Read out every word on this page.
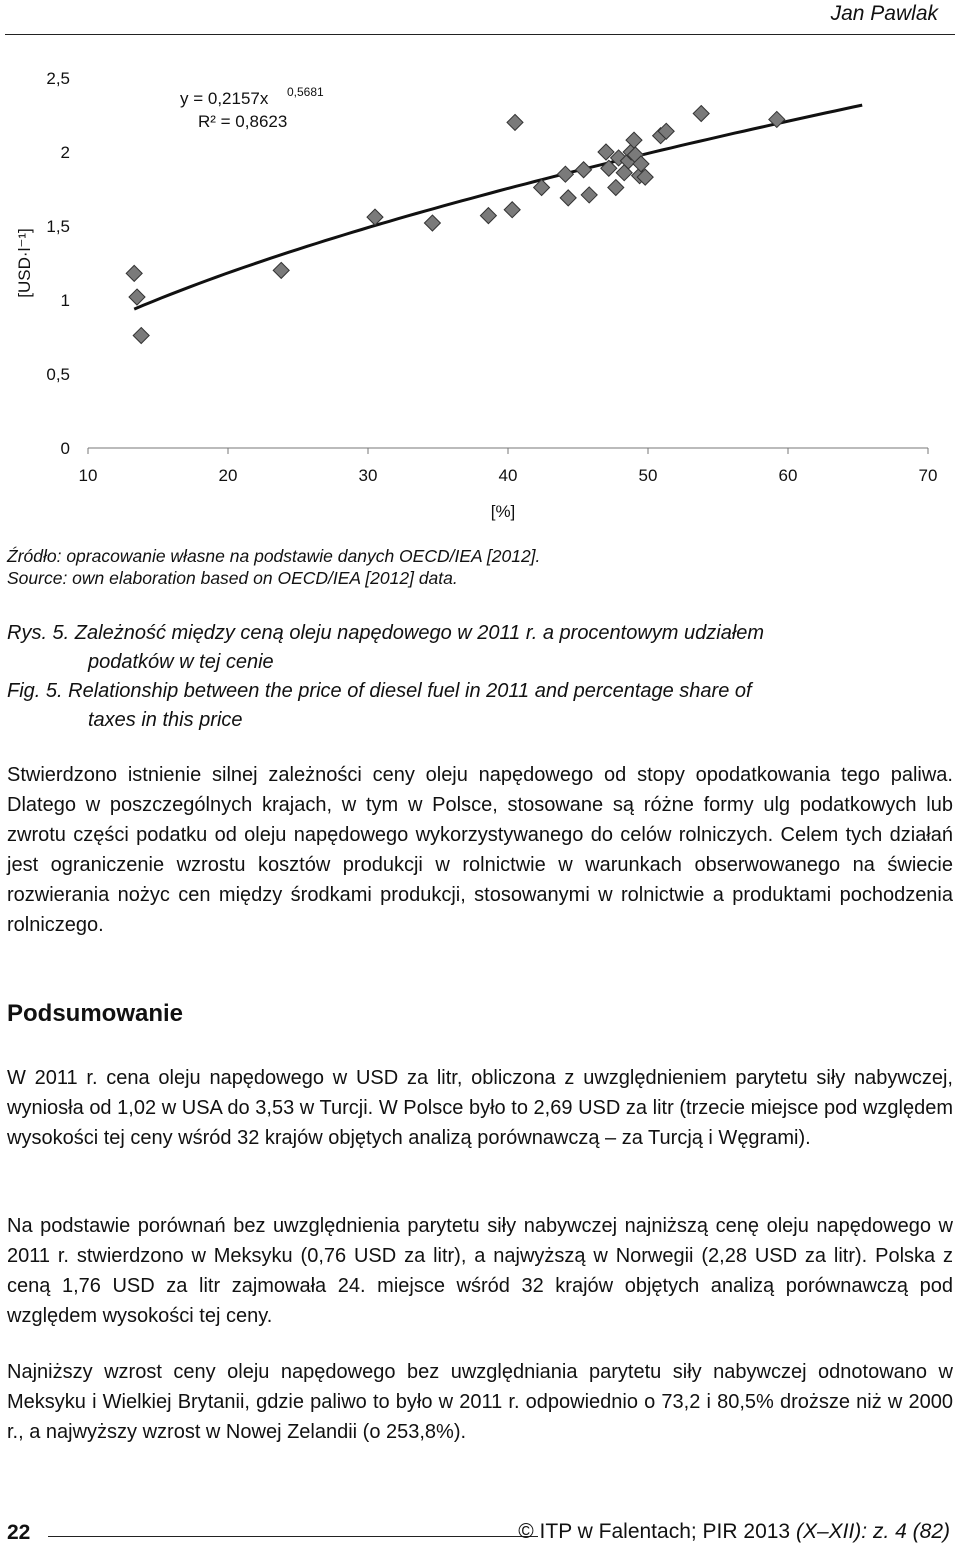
Jan Pawlak
[USD·l⁻¹]
0
0,5
1
1,5
2
2,5
10	20	30	40	50	60	70
[%]
y = 0,2157x 0,5681
R² = 0,8623
Źródło: opracowanie własne na podstawie danych OECD/IEA [2012].
Source: own elaboration based on OECD/IEA [2012] data.
Rys. 5. Zależność między ceną oleju napędowego w 2011 r. a procentowym udziałem
podatków w tej cenie
Fig. 5. Relationship between the price of diesel fuel in 2011 and percentage share of
taxes in this price

Stwierdzono istnienie silnej zależności ceny oleju napędowego od stopy opodatkowania tego paliwa. Dlatego w poszczególnych krajach, w tym w Polsce, stosowane są różne formy ulg podatkowych lub zwrotu części podatku od oleju napędowego wykorzystywanego do celów rolniczych. Celem tych działań jest ograniczenie wzrostu kosztów produkcji w rolnictwie w warunkach obserwowanego na świecie rozwierania nożyc cen między środkami produkcji, stosowanymi w rolnictwie a produktami pochodzenia rolniczego.

Podsumowanie

W 2011 r. cena oleju napędowego w USD za litr, obliczona z uwzględnieniem parytetu siły nabywczej, wyniosła od 1,02 w USA do 3,53 w Turcji. W Polsce było to 2,69 USD za litr (trzecie miejsce pod względem wysokości tej ceny wśród 32 krajów objętych analizą porównawczą – za Turcją i Węgrami).

Na podstawie porównań bez uwzględnienia parytetu siły nabywczej najniższą cenę oleju napędowego w 2011 r. stwierdzono w Meksyku (0,76 USD za litr), a najwyższą w Norwegii (2,28 USD za litr). Polska z ceną 1,76 USD za litr zajmowała 24. miejsce wśród 32 krajów objętych analizą porównawczą pod względem wysokości tej ceny.

Najniższy wzrost ceny oleju napędowego bez uwzględniania parytetu siły nabywczej odnotowano w Meksyku i Wielkiej Brytanii, gdzie paliwo to było w 2011 r. odpowiednio o 73,2 i 80,5% droższe niż w 2000 r., a najwyższy wzrost w Nowej Zelandii (o 253,8%).

22	© ITP w Falentach; PIR 2013 (X–XII): z. 4 (82)
